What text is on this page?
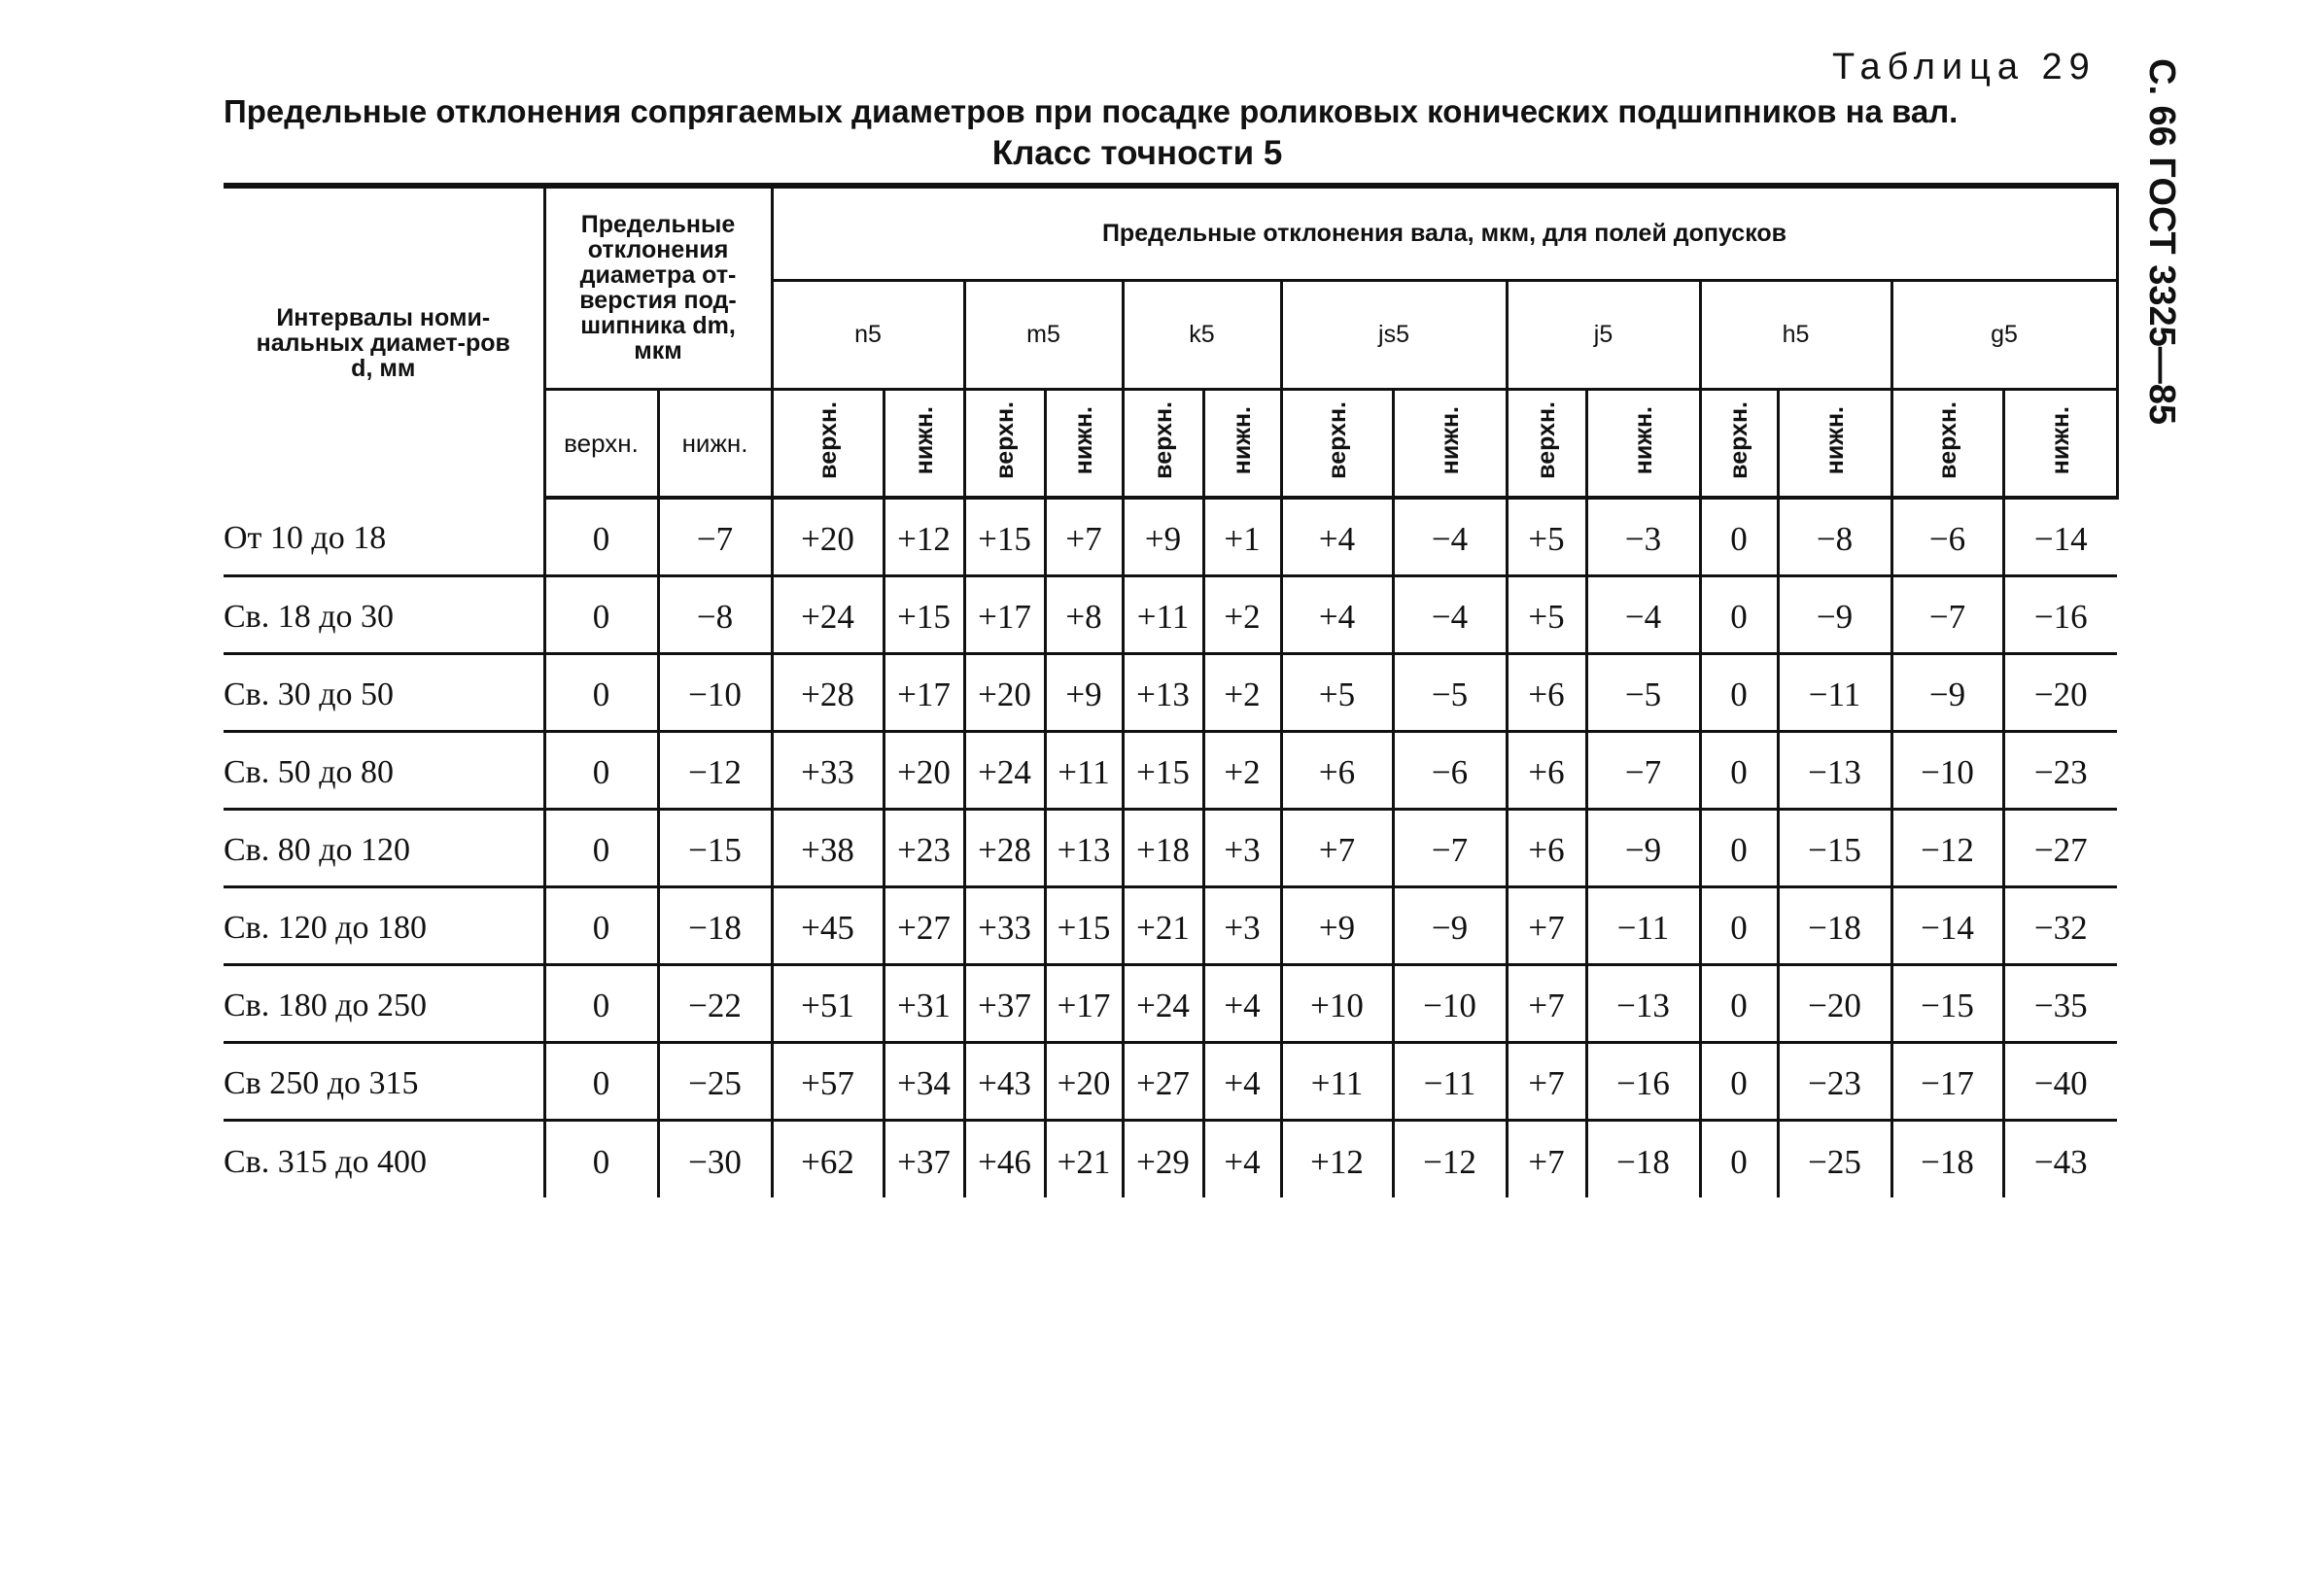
Таблица 29
Предельные отклонения сопрягаемых диаметров при посадке роликовых конических подшипников на вал.
Класс точности 5	С. 66 ГОСТ 3325—85
Интервалы номи-нальных диамет-ров d, мм	Предельные отклонения диаметра от-верстия под-шипника dm, мкм		Предельные отклонения вала, мкм, для полей допусков													
			n5		m5		k5		js5		j5		h5		g5	
	верхн.	нижн.	верхн.	нижн.	верхн.	нижн.	верхн.	нижн.	верхн.	нижн.	верхн.	нижн.	верхн.	нижн.	верхн.	нижн.
От 10 до 18	0	−7	+20	+12	+15	+7	+9	+1	+4	−4	+5	−3	0	−8	−6	−14
Св. 18 до 30	0	−8	+24	+15	+17	+8	+11	+2	+4	−4	+5	−4	0	−9	−7	−16
Св. 30 до 50	0	−10	+28	+17	+20	+9	+13	+2	+5	−5	+6	−5	0	−11	−9	−20
Св. 50 до 80	0	−12	+33	+20	+24	+11	+15	+2	+6	−6	+6	−7	0	−13	−10	−23
Св. 80 до 120	0	−15	+38	+23	+28	+13	+18	+3	+7	−7	+6	−9	0	−15	−12	−27
Св. 120 до 180	0	−18	+45	+27	+33	+15	+21	+3	+9	−9	+7	−11	0	−18	−14	−32
Св. 180 до 250	0	−22	+51	+31	+37	+17	+24	+4	+10	−10	+7	−13	0	−20	−15	−35
Св 250 до 315	0	−25	+57	+34	+43	+20	+27	+4	+11	−11	+7	−16	0	−23	−17	−40
Св. 315 до 400	0	−30	+62	+37	+46	+21	+29	+4	+12	−12	+7	−18	0	−25	−18	−43
